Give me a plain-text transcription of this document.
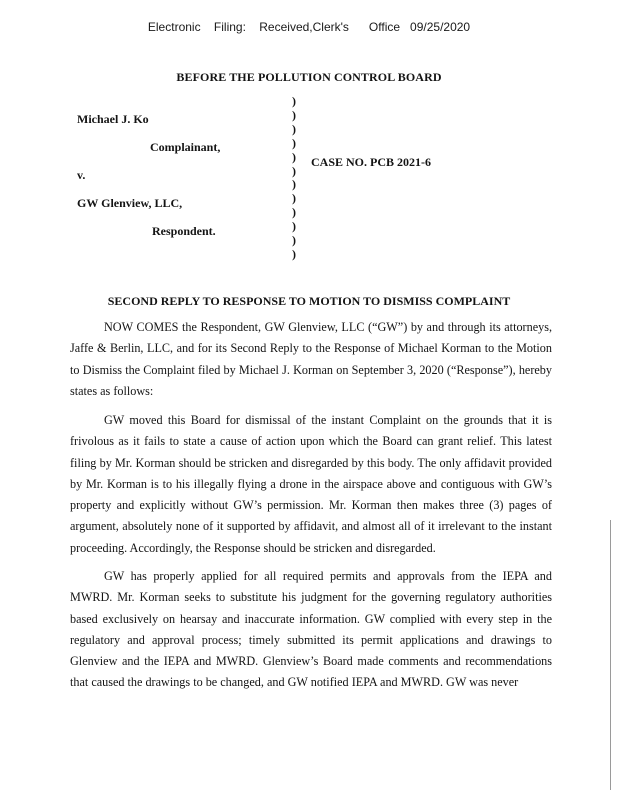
Electronic    Filing:    Received,Clerk's      Office   09/25/2020
BEFORE THE POLLUTION CONTROL BOARD
Michael J. Ko
Complainant,
v.
GW Glenview, LLC,
Respondent.
)
)
)
)
)
)
)
)
)
)
)
)
CASE NO. PCB 2021-6
SECOND REPLY TO RESPONSE TO MOTION TO DISMISS COMPLAINT

NOW COMES the Respondent, GW Glenview, LLC (“GW”) by and through its attorneys, Jaffe & Berlin, LLC, and for its Second Reply to the Response of Michael Korman to the Motion to Dismiss the Complaint filed by Michael J. Korman on September 3, 2020 (“Response”), hereby states as follows:

GW moved this Board for dismissal of the instant Complaint on the grounds that it is frivolous as it fails to state a cause of action upon which the Board can grant relief. This latest filing by Mr. Korman should be stricken and disregarded by this body. The only affidavit provided by Mr. Korman is to his illegally flying a drone in the airspace above and contiguous with GW’s property and explicitly without GW’s permission. Mr. Korman then makes three (3) pages of argument, absolutely none of it supported by affidavit, and almost all of it irrelevant to the instant proceeding. Accordingly, the Response should be stricken and disregarded.

GW has properly applied for all required permits and approvals from the IEPA and MWRD. Mr. Korman seeks to substitute his judgment for the governing regulatory authorities based exclusively on hearsay and inaccurate information. GW complied with every step in the regulatory and approval process; timely submitted its permit applications and drawings to Glenview and the IEPA and MWRD. Glenview’s Board made comments and recommendations that caused the drawings to be changed, and GW notified IEPA and MWRD. GW was never
